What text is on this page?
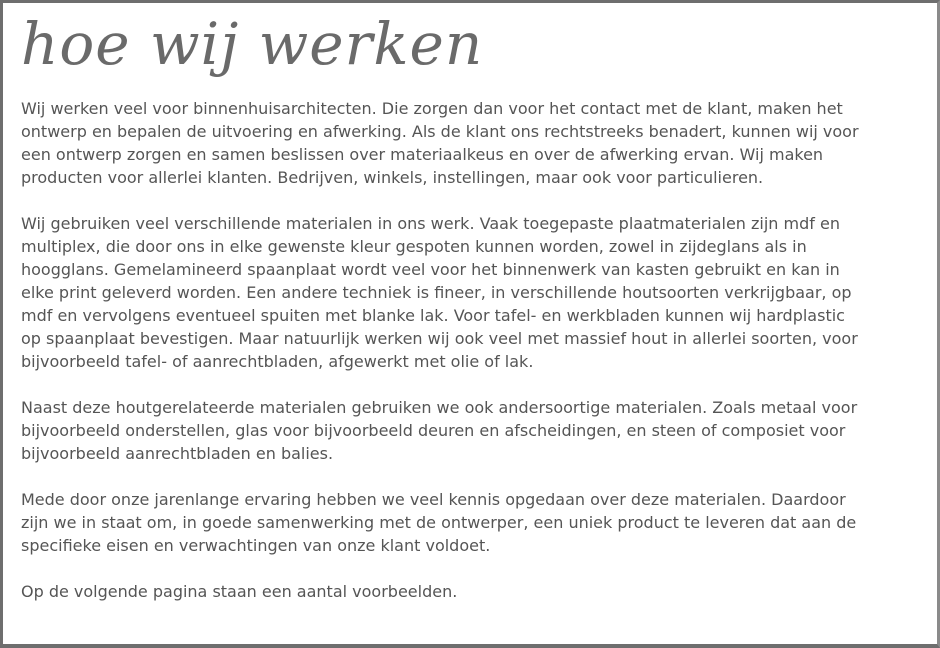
hoe wij werken

Wij werken veel voor binnenhuisarchitecten. Die zorgen dan voor het contact met de klant, maken het
ontwerp en bepalen de uitvoering en afwerking. Als de klant ons rechtstreeks benadert, kunnen wij voor
een ontwerp zorgen en samen beslissen over materiaalkeus en over de afwerking ervan. Wij maken
producten voor allerlei klanten. Bedrijven, winkels, instellingen, maar ook voor particulieren.

Wij gebruiken veel verschillende materialen in ons werk. Vaak toegepaste plaatmaterialen zijn mdf en
multiplex, die door ons in elke gewenste kleur gespoten kunnen worden, zowel in zijdeglans als in
hoogglans. Gemelamineerd spaanplaat wordt veel voor het binnenwerk van kasten gebruikt en kan in
elke print geleverd worden. Een andere techniek is fineer, in verschillende houtsoorten verkrijgbaar, op
mdf en vervolgens eventueel spuiten met blanke lak. Voor tafel- en werkbladen kunnen wij hardplastic
op spaanplaat bevestigen. Maar natuurlijk werken wij ook veel met massief hout in allerlei soorten, voor
bijvoorbeeld tafel- of aanrechtbladen, afgewerkt met olie of lak.

Naast deze houtgerelateerde materialen gebruiken we ook andersoortige materialen. Zoals metaal voor
bijvoorbeeld onderstellen, glas voor bijvoorbeeld deuren en afscheidingen, en steen of composiet voor
bijvoorbeeld aanrechtbladen en balies.

Mede door onze jarenlange ervaring hebben we veel kennis opgedaan over deze materialen. Daardoor
zijn we in staat om, in goede samenwerking met de ontwerper, een uniek product te leveren dat aan de
specifieke eisen en verwachtingen van onze klant voldoet.

Op de volgende pagina staan een aantal voorbeelden.
